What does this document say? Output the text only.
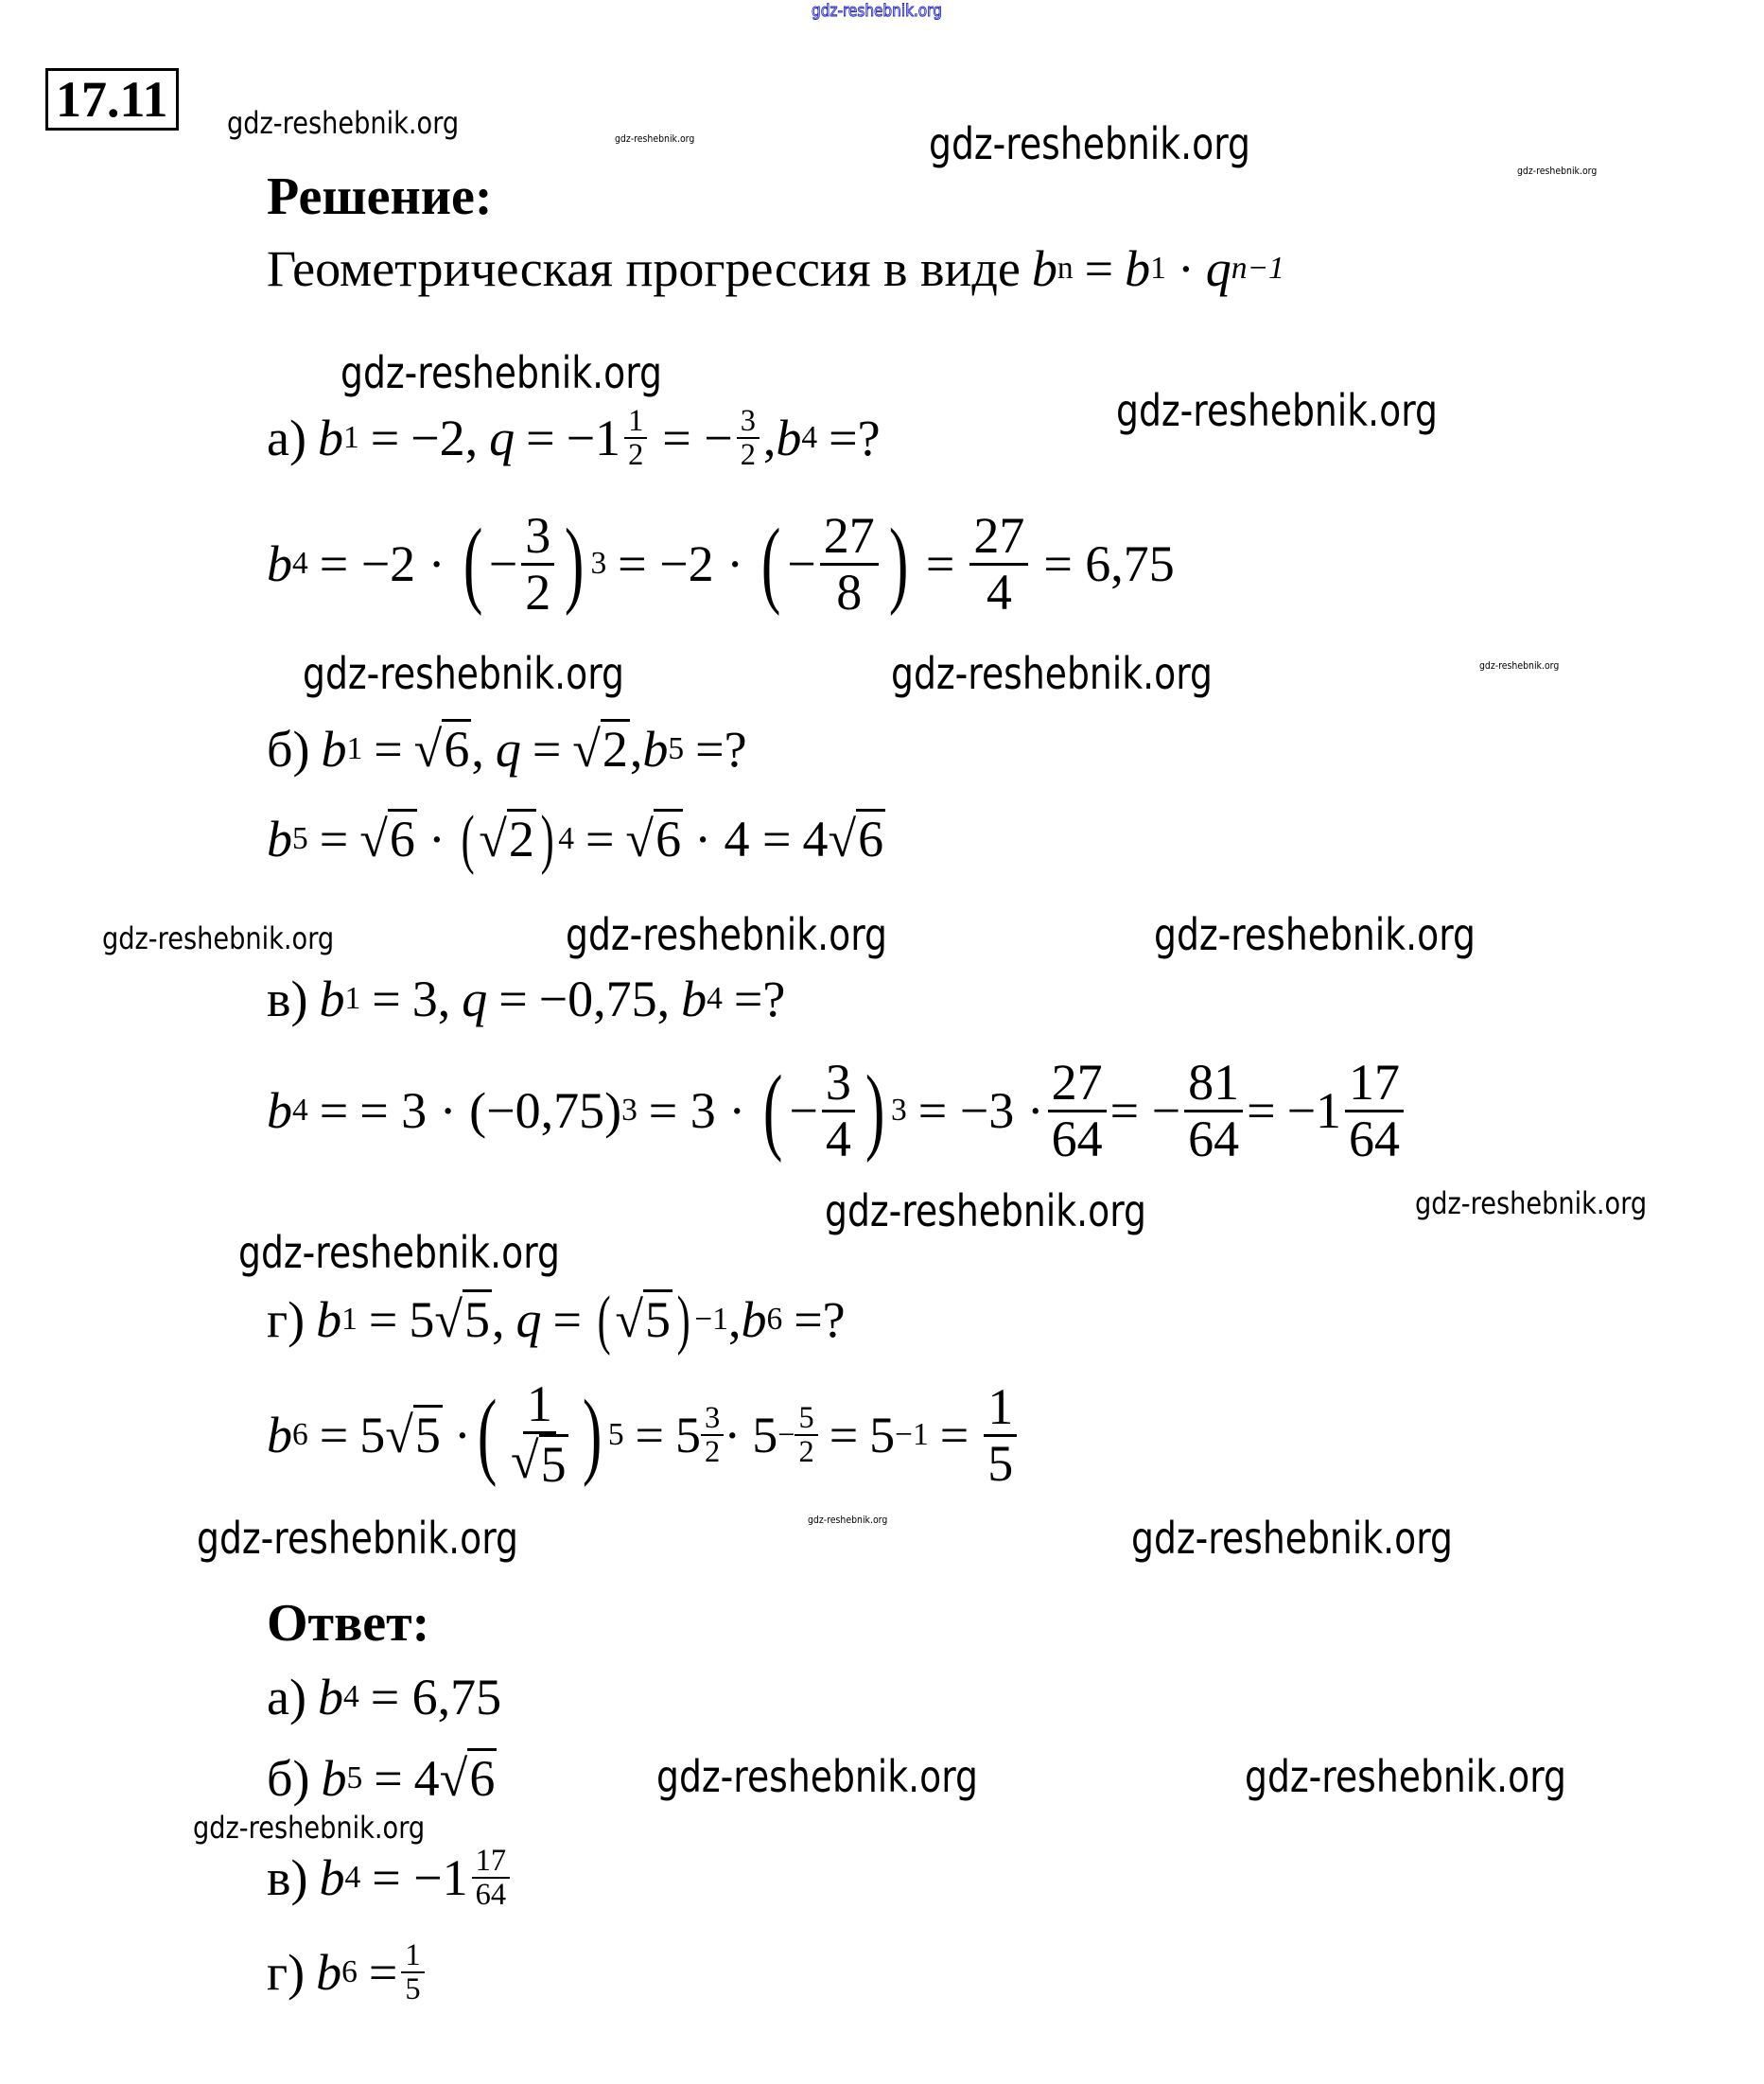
gdz-reshebnik.org
gdz-reshebnik.org	gdz-reshebnik.org	gdz-reshebnik.org
gdz-reshebnik.org
gdz-reshebnik.org
gdz-reshebnik.org
gdz-reshebnik.org	gdz-reshebnik.org	gdz-reshebnik.org
gdz-reshebnik.org	gdz-reshebnik.org	gdz-reshebnik.org
gdz-reshebnik.org	gdz-reshebnik.org
gdz-reshebnik.org
gdz-reshebnik.org	gdz-reshebnik.org	gdz-reshebnik.org
gdz-reshebnik.org	gdz-reshebnik.org
gdz-reshebnik.org
17.11
Решение:
Геометрическая прогрессия в виде b n = b 1 · q n−1
а) b 1 = −2 , $q = -1 \frac{1}{2}$ = − $\frac{3}{2}$ , b 4 =?
b 4 = −2 · ( − $\frac{3}{2}$ ) 3 = −2 · ( − $\frac{27}{8}$ ) = $\frac{27}{4} = 6,75$
б) b 1 = √ 6 , q = √ 2 , b 5 =?
b 5 = √ 6 · ( √ 2 ) 4 = √ 6 · 4 = 4 √ 6
в) b 1 = 3 , q = −0,75 , b 4 =?
b 4 = = 3 · (−0,75) 3 = 3 · ( − $\frac{3}{4}$ ) $3 = -3 \cdot \frac{27}{64}$ = − $\frac{81}{64} = -1 \frac{17}{64}$
г) b 1 = 5 √ 5 , q = ( √ 5 ) −1 , b 6 =?
b 6 = 5 √ 5 · ( $\frac{1}{√ 5}$ ) $5 = 5 \frac{3}{2} \cdot 5 - \frac{5}{2} = 5 -1 = \frac{1}{5}$
Ответ:
а) b 4 = 6,75
б) b 5 = 4 √ 6
в) b $4 = -1 \frac{17}{64}$
г) b $6 = \frac{1}{5}$
